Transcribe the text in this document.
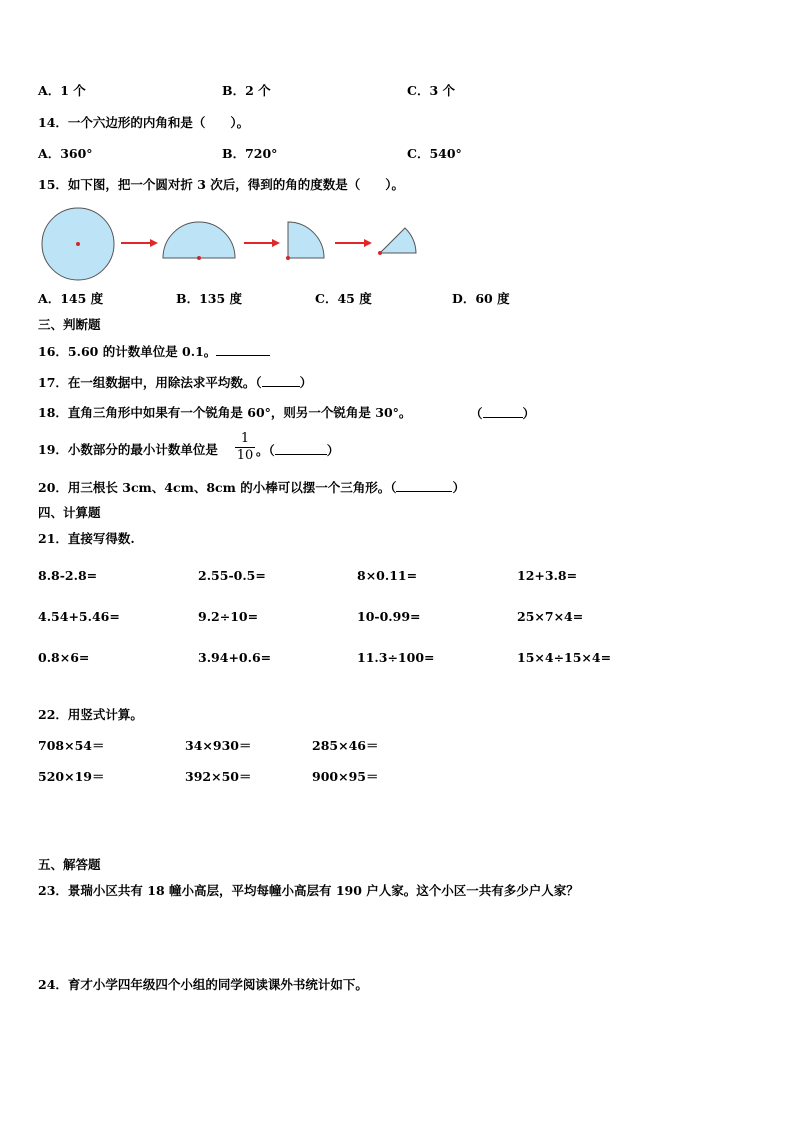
A．1 个	B．2 个	C．3 个
14．一个六边形的内角和是（　　）。
A．360°	B．720°	C．540°
15．如下图，把一个圆对折 3 次后，得到的角的度数是（　　）。
A．145 度	B．135 度	C．45 度	D．60 度
三、判断题
16．5.60 的计数单位是 0.1。
17．在一组数据中，用除法求平均数。（	）
18．直角三角形中如果有一个锐角是 60°，则另一个锐角是 30°。	（	）
19．小数部分的最小计数单位是
1
10 。（	）
20．用三根长 3cm、4cm、8cm 的小棒可以摆一个三角形。（	）
四、计算题
21．直接写得数.
8.8-2.8=	2.55-0.5=	8×0.11=	12+3.8=
4.54+5.46=	9.2÷10=	10-0.99=	25×7×4=
0.8×6=	3.94+0.6=	11.3÷100=	15×4÷15×4=
22．用竖式计算。
708×54＝	34×930＝	285×46＝
520×19＝	392×50＝	900×95＝
五、解答题
23．景瑞小区共有 18 幢小高层，平均每幢小高层有 190 户人家。这个小区一共有多少户人家？
24．育才小学四年级四个小组的同学阅读课外书统计如下。
